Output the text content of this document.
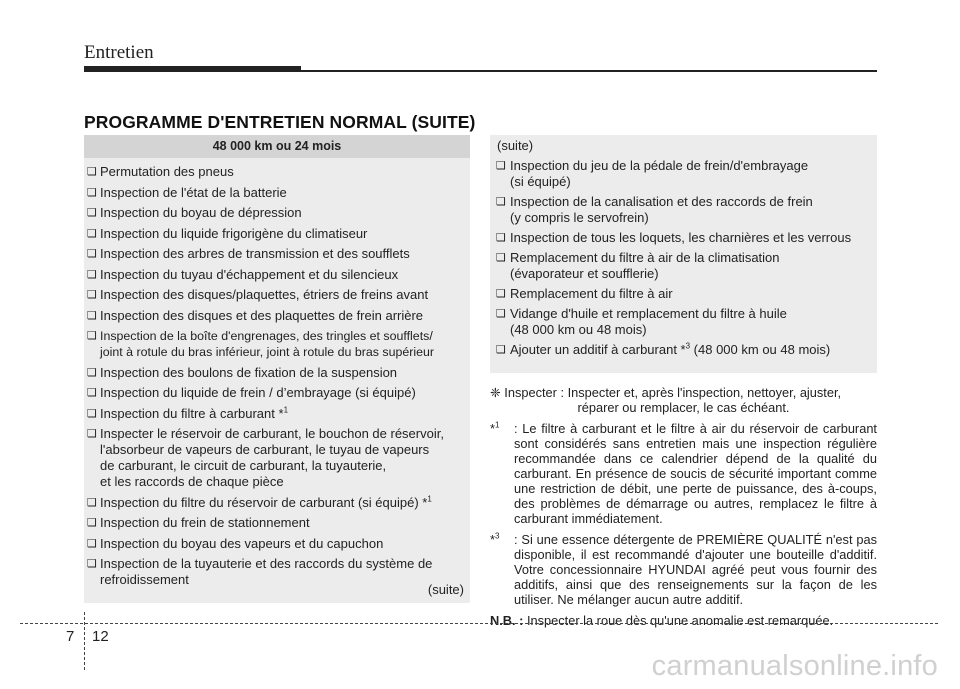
Entretien
PROGRAMME D'ENTRETIEN NORMAL (SUITE)
48 000 km ou 24 mois
❑ Permutation des pneus
❑ Inspection de l'état de la batterie
❑ Inspection du boyau de dépression
❑ Inspection du liquide frigorigène du climatiseur
❑ Inspection des arbres de transmission et des soufflets
❑ Inspection du tuyau d'échappement et du silencieux
❑ Inspection des disques/plaquettes, étriers de freins avant
❑ Inspection des disques et des plaquettes de frein arrière
❑ Inspection de la boîte d'engrenages, des tringles et soufflets/
joint à rotule du bras inférieur, joint à rotule du bras supérieur
❑ Inspection des boulons de fixation de la suspension
❑ Inspection du liquide de frein / d’embrayage (si équipé)
❑ Inspection du filtre à carburant *$^1$
❑ Inspecter le réservoir de carburant, le bouchon de réservoir,
l'absorbeur de vapeurs de carburant, le tuyau de vapeurs
de carburant, le circuit de carburant, la tuyauterie,
et les raccords de chaque pièce
❑ Inspection du filtre du réservoir de carburant (si équipé) *$^1$
❑ Inspection du frein de stationnement
❑ Inspection du boyau des vapeurs et du capuchon
❑ Inspection de la tuyauterie et des raccords du système de
refroidissement
(suite)
(suite)
❑ Inspection du jeu de la pédale de frein/d'embrayage
(si équipé)
❑ Inspection de la canalisation et des raccords de frein
(y compris le servofrein)
❑ Inspection de tous les loquets, les charnières et les verrous
❑ Remplacement du filtre à air de la climatisation
(évaporateur et soufflerie)
❑ Remplacement du filtre à air
❑ Vidange d'huile et remplacement du filtre à huile
(48 000 km ou 48 mois)
❑ Ajouter un additif à carburant *$^3$ (48 000 km ou 48 mois)
❈ Inspecter : Inspecter et, après l'inspection, nettoyer, ajuster,
réparer ou remplacer, le cas échéant.
*$^1$ : Le filtre à carburant et le filtre à air du réservoir de carburant sont considérés sans entretien mais une inspection régulière recommandée dans ce calendrier dépend de la qualité du carburant. En présence de soucis de sécurité important comme une restriction de débit, une perte de puissance, des à-coups, des problèmes de démarrage ou autres, remplacez le filtre à carburant immédiatement.
*$^3$ : Si une essence détergente de PREMIÈRE QUALITÉ n'est pas disponible, il est recommandé d'ajouter une bouteille d'additif. Votre concessionnaire HYUNDAI agréé peut vous fournir des additifs, ainsi que des renseignements sur la façon de les utiliser. Ne mélanger aucun autre additif.
N.B. : Inspecter la roue dès qu'une anomalie est remarquée.
7 12
carmanualsonline.info
